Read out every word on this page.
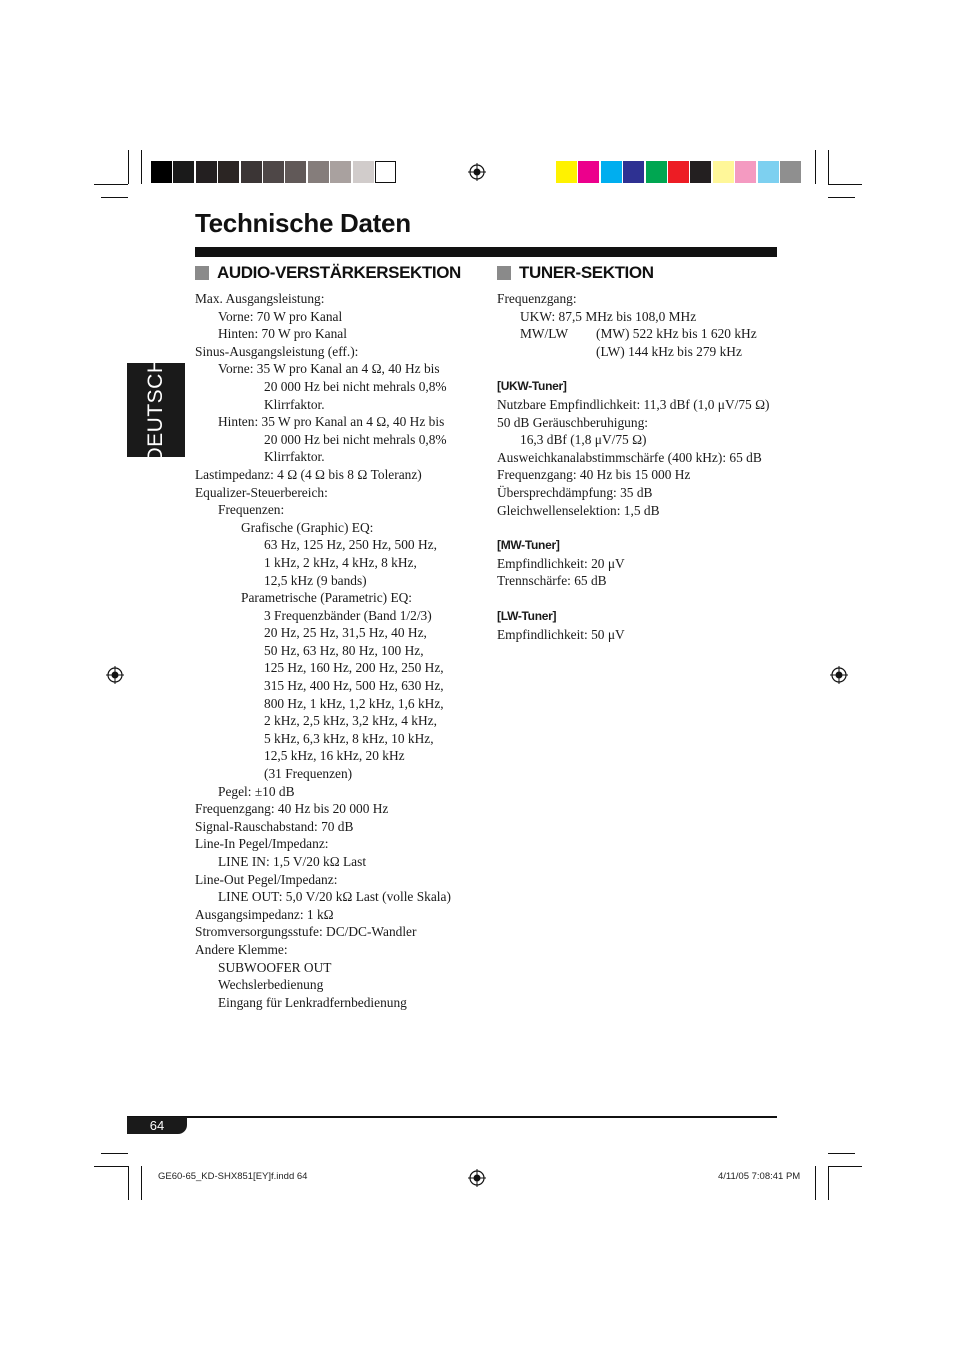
Technische Daten
DEUTSCH
AUDIO-VERSTÄRKERSEKTION
Max. Ausgangsleistung:
Vorne: 70 W pro Kanal
Hinten: 70 W pro Kanal
Sinus-Ausgangsleistung (eff.):
Vorne: 35 W pro Kanal an 4 Ω, 40 Hz bis
20 000 Hz bei nicht mehrals 0,8%
Klirrfaktor.
Hinten: 35 W pro Kanal an 4 Ω, 40 Hz bis
20 000 Hz bei nicht mehrals 0,8%
Klirrfaktor.
Lastimpedanz: 4 Ω (4 Ω bis 8 Ω Toleranz)
Equalizer-Steuerbereich:
Frequenzen:
Grafische (Graphic) EQ:
63 Hz, 125 Hz, 250 Hz, 500 Hz,
1 kHz, 2 kHz, 4 kHz, 8 kHz,
12,5 kHz (9 bands)
Parametrische (Parametric) EQ:
3 Frequenzbänder (Band 1/2/3)
20 Hz, 25 Hz, 31,5 Hz, 40 Hz,
50 Hz, 63 Hz, 80 Hz, 100 Hz,
125 Hz, 160 Hz, 200 Hz, 250 Hz,
315 Hz, 400 Hz, 500 Hz, 630 Hz,
800 Hz, 1 kHz, 1,2 kHz, 1,6 kHz,
2 kHz, 2,5 kHz, 3,2 kHz, 4 kHz,
5 kHz, 6,3 kHz, 8 kHz, 10 kHz,
12,5 kHz, 16 kHz, 20 kHz
(31 Frequenzen)
Pegel: ±10 dB
Frequenzgang: 40 Hz bis 20 000 Hz
Signal-Rauschabstand: 70 dB
Line-In Pegel/Impedanz:
LINE IN: 1,5 V/20 kΩ Last
Line-Out Pegel/Impedanz:
LINE OUT: 5,0 V/20 kΩ Last (volle Skala)
Ausgangsimpedanz: 1 kΩ
Stromversorgungsstufe: DC/DC-Wandler
Andere Klemme:
SUBWOOFER OUT
Wechslerbedienung
Eingang für Lenkradfernbedienung
TUNER-SEKTION
Frequenzgang:
UKW: 87,5 MHz bis 108,0 MHz
MW/LW (MW) 522 kHz bis 1 620 kHz
(LW) 144 kHz bis 279 kHz
[UKW-Tuner]
Nutzbare Empfindlichkeit: 11,3 dBf (1,0 μV/75 Ω)
50 dB Geräuschberuhigung:
16,3 dBf (1,8 μV/75 Ω)
Ausweichkanalabstimmschärfe (400 kHz): 65 dB
Frequenzgang: 40 Hz bis 15 000 Hz
Übersprechdämpfung: 35 dB
Gleichwellenselektion: 1,5 dB
[MW-Tuner]
Empfindlichkeit: 20 μV
Trennschärfe: 65 dB
[LW-Tuner]
Empfindlichkeit: 50 μV
64
GE60-65_KD-SHX851[EY]f.indd 64	4/11/05 7:08:41 PM
